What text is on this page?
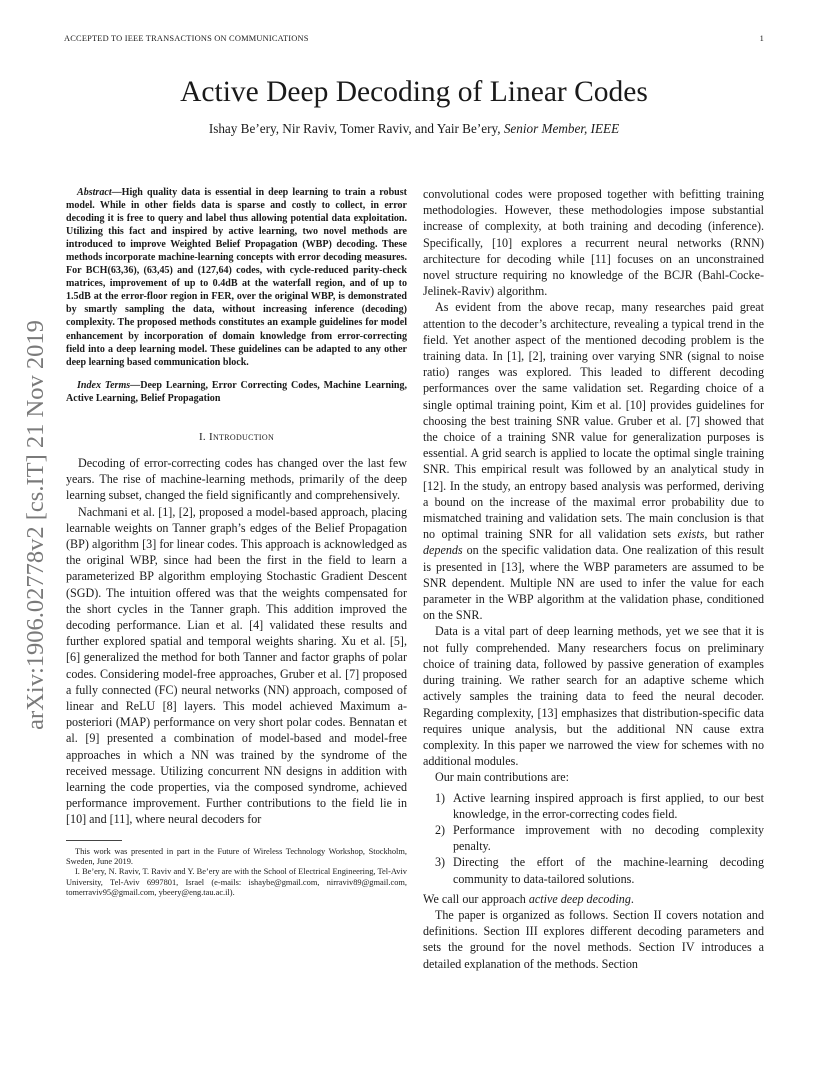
ACCEPTED TO IEEE TRANSACTIONS ON COMMUNICATIONS	1
arXiv:1906.02778v2 [cs.IT] 21 Nov 2019
Active Deep Decoding of Linear Codes
Ishay Be’ery, Nir Raviv, Tomer Raviv, and Yair Be’ery, Senior Member, IEEE

Abstract—High quality data is essential in deep learning to train a robust model. While in other fields data is sparse and costly to collect, in error decoding it is free to query and label thus allowing potential data exploitation. Utilizing this fact and inspired by active learning, two novel methods are introduced to improve Weighted Belief Propagation (WBP) decoding. These methods incorporate machine-learning concepts with error decoding measures. For BCH(63,36), (63,45) and (127,64) codes, with cycle-reduced parity-check matrices, improvement of up to 0.4dB at the waterfall region, and of up to 1.5dB at the error-floor region in FER, over the original WBP, is demonstrated by smartly sampling the data, without increasing inference (decoding) complexity. The proposed methods constitutes an example guidelines for model enhancement by incorporation of domain knowledge from error-correcting field into a deep learning model. These guidelines can be adapted to any other deep learning based communication block.

Index Terms—Deep Learning, Error Correcting Codes, Machine Learning, Active Learning, Belief Propagation

I. Introduction

Decoding of error-correcting codes has changed over the last few years. The rise of machine-learning methods, primarily of the deep learning subset, changed the field significantly and comprehensively.

Nachmani et al. [1], [2], proposed a model-based approach, placing learnable weights on Tanner graph’s edges of the Belief Propagation (BP) algorithm [3] for linear codes. This approach is acknowledged as the original WBP, since had been the first in the field to learn a parameterized BP algorithm employing Stochastic Gradient Descent (SGD). The intuition offered was that the weights compensated for the short cycles in the Tanner graph. This addition improved the decoding performance. Lian et al. [4] validated these results and further explored spatial and temporal weights sharing. Xu et al. [5], [6] generalized the method for both Tanner and factor graphs of polar codes. Considering model-free approaches, Gruber et al. [7] proposed a fully connected (FC) neural networks (NN) approach, composed of linear and ReLU [8] layers. This model achieved Maximum a-posteriori (MAP) performance on very short polar codes. Bennatan et al. [9] presented a combination of model-based and model-free approaches in which a NN was trained by the syndrome of the received message. Utilizing concurrent NN designs in addition with learning the code properties, via the composed syndrome, achieved performance improvement. Further contributions to the field lie in [10] and [11], where neural decoders for

This work was presented in part in the Future of Wireless Technology Workshop, Stockholm, Sweden, June 2019.

I. Be’ery, N. Raviv, T. Raviv and Y. Be’ery are with the School of Electrical Engineering, Tel-Aviv University, Tel-Aviv 6997801, Israel (e-mails: ishaybe@gmail.com, nirraviv89@gmail.com, tomerraviv95@gmail.com, ybeery@eng.tau.ac.il).

convolutional codes were proposed together with befitting training methodologies. However, these methodologies impose substantial increase of complexity, at both training and decoding (inference). Specifically, [10] explores a recurrent neural networks (RNN) architecture for decoding while [11] focuses on an unconstrained novel structure requiring no knowledge of the BCJR (Bahl-Cocke-Jelinek-Raviv) algorithm.

As evident from the above recap, many researches paid great attention to the decoder’s architecture, revealing a typical trend in the field. Yet another aspect of the mentioned decoding problem is the training data. In [1], [2], training over varying SNR (signal to noise ratio) ranges was explored. This leaded to different decoding performances over the same validation set. Regarding choice of a single optimal training point, Kim et al. [10] provides guidelines for choosing the best training SNR value. Gruber et al. [7] showed that the choice of a training SNR value for generalization purposes is essential. A grid search is applied to locate the optimal single training SNR. This empirical result was followed by an analytical study in [12]. In the study, an entropy based analysis was performed, deriving a bound on the increase of the maximal error probability due to mismatched training and validation sets. The main conclusion is that no optimal training SNR for all validation sets exists, but rather depends on the specific validation data. One realization of this result is presented in [13], where the WBP parameters are assumed to be SNR dependent. Multiple NN are used to infer the value for each parameter in the WBP algorithm at the validation phase, conditioned on the SNR.

Data is a vital part of deep learning methods, yet we see that it is not fully comprehended. Many researchers focus on preliminary choice of training data, followed by passive generation of examples during training. We rather search for an adaptive scheme which actively samples the training data to feed the neural decoder. Regarding complexity, [13] emphasizes that distribution-specific data requires unique analysis, but the additional NN cause extra complexity. In this paper we narrowed the view for schemes with no additional modules.

Our main contributions are:

1) Active learning inspired approach is first applied, to our best knowledge, in the error-correcting codes field.
2) Performance improvement with no decoding complexity penalty.
3) Directing the effort of the machine-learning decoding community to data-tailored solutions.

We call our approach active deep decoding.

The paper is organized as follows. Section II covers notation and definitions. Section III explores different decoding parameters and sets the ground for the novel methods. Section IV introduces a detailed explanation of the methods. Section
